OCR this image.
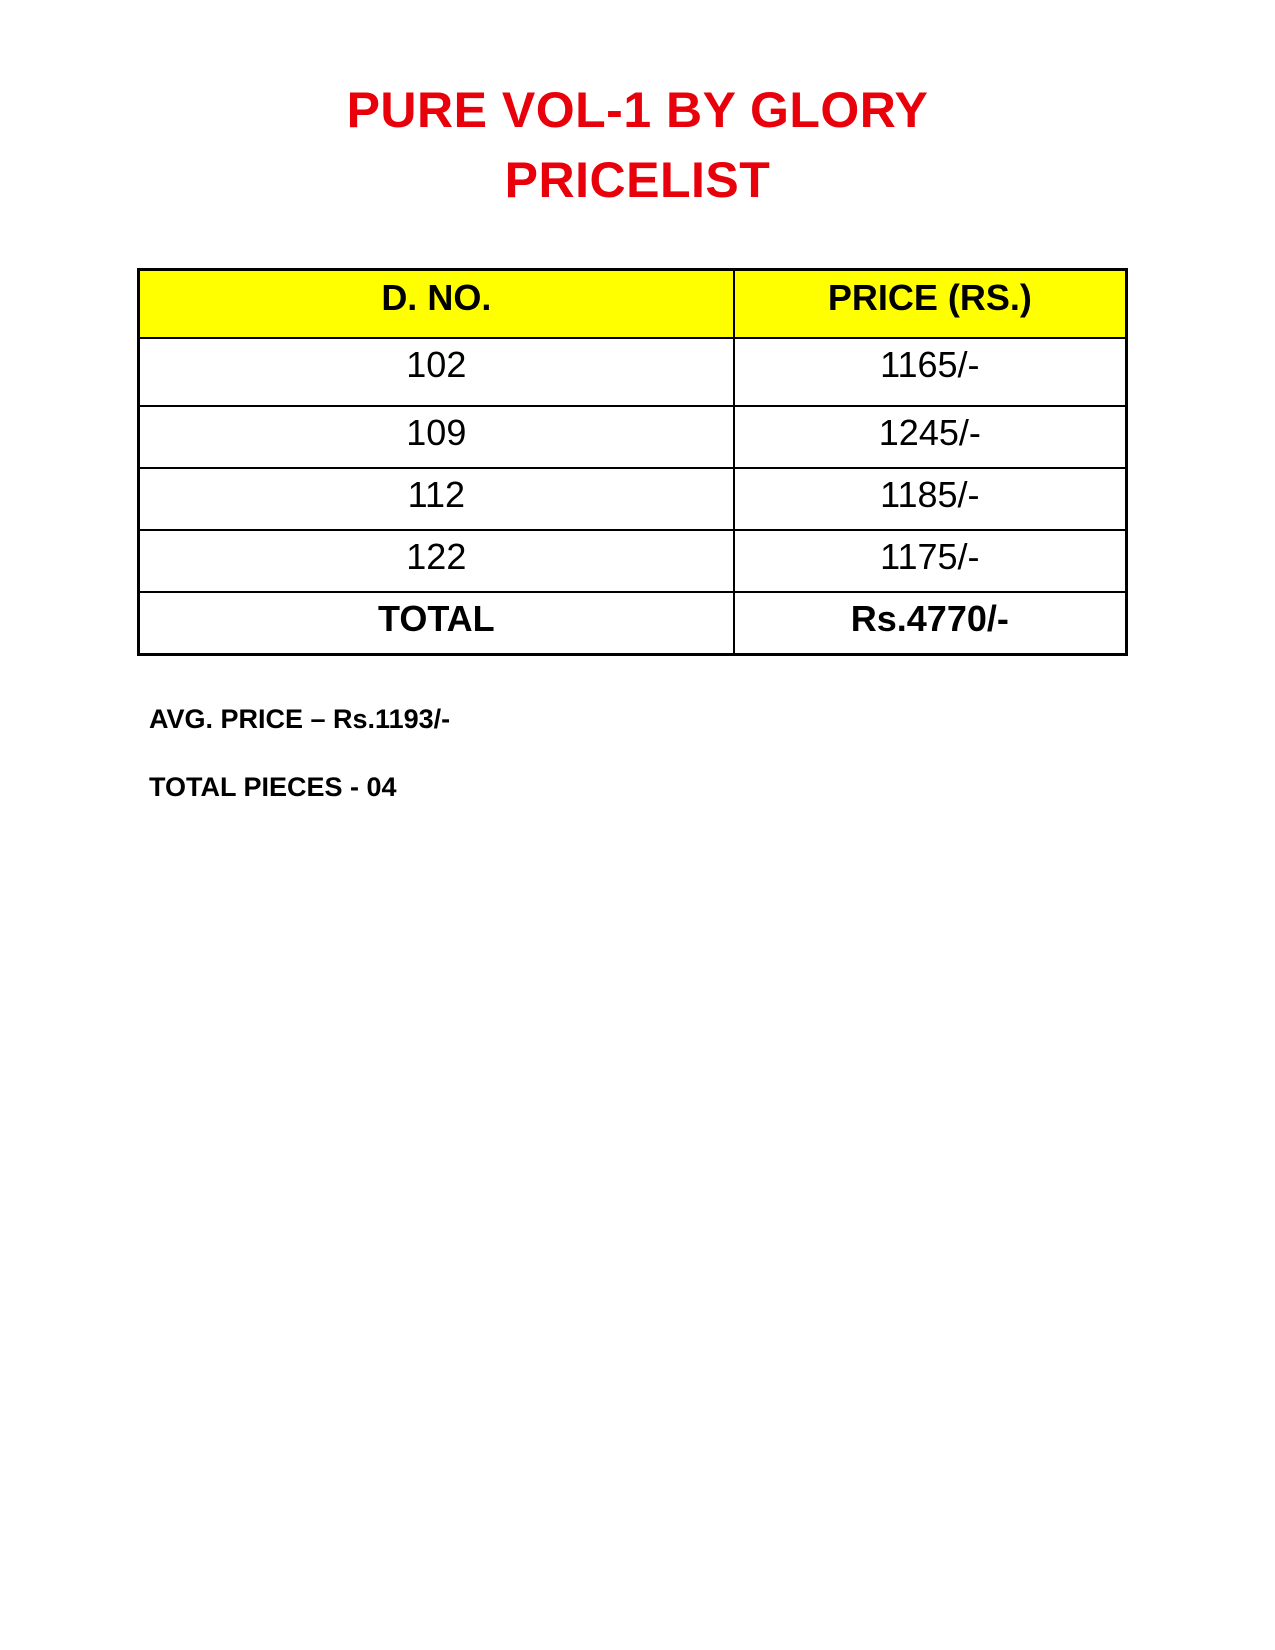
PURE VOL-1 BY GLORY
PRICELIST
D. NO.	PRICE (RS.)
102	1165/-
109	1245/-
112	1185/-
122	1175/-
TOTAL	Rs.4770/-
AVG. PRICE – Rs.1193/-
TOTAL PIECES - 04
